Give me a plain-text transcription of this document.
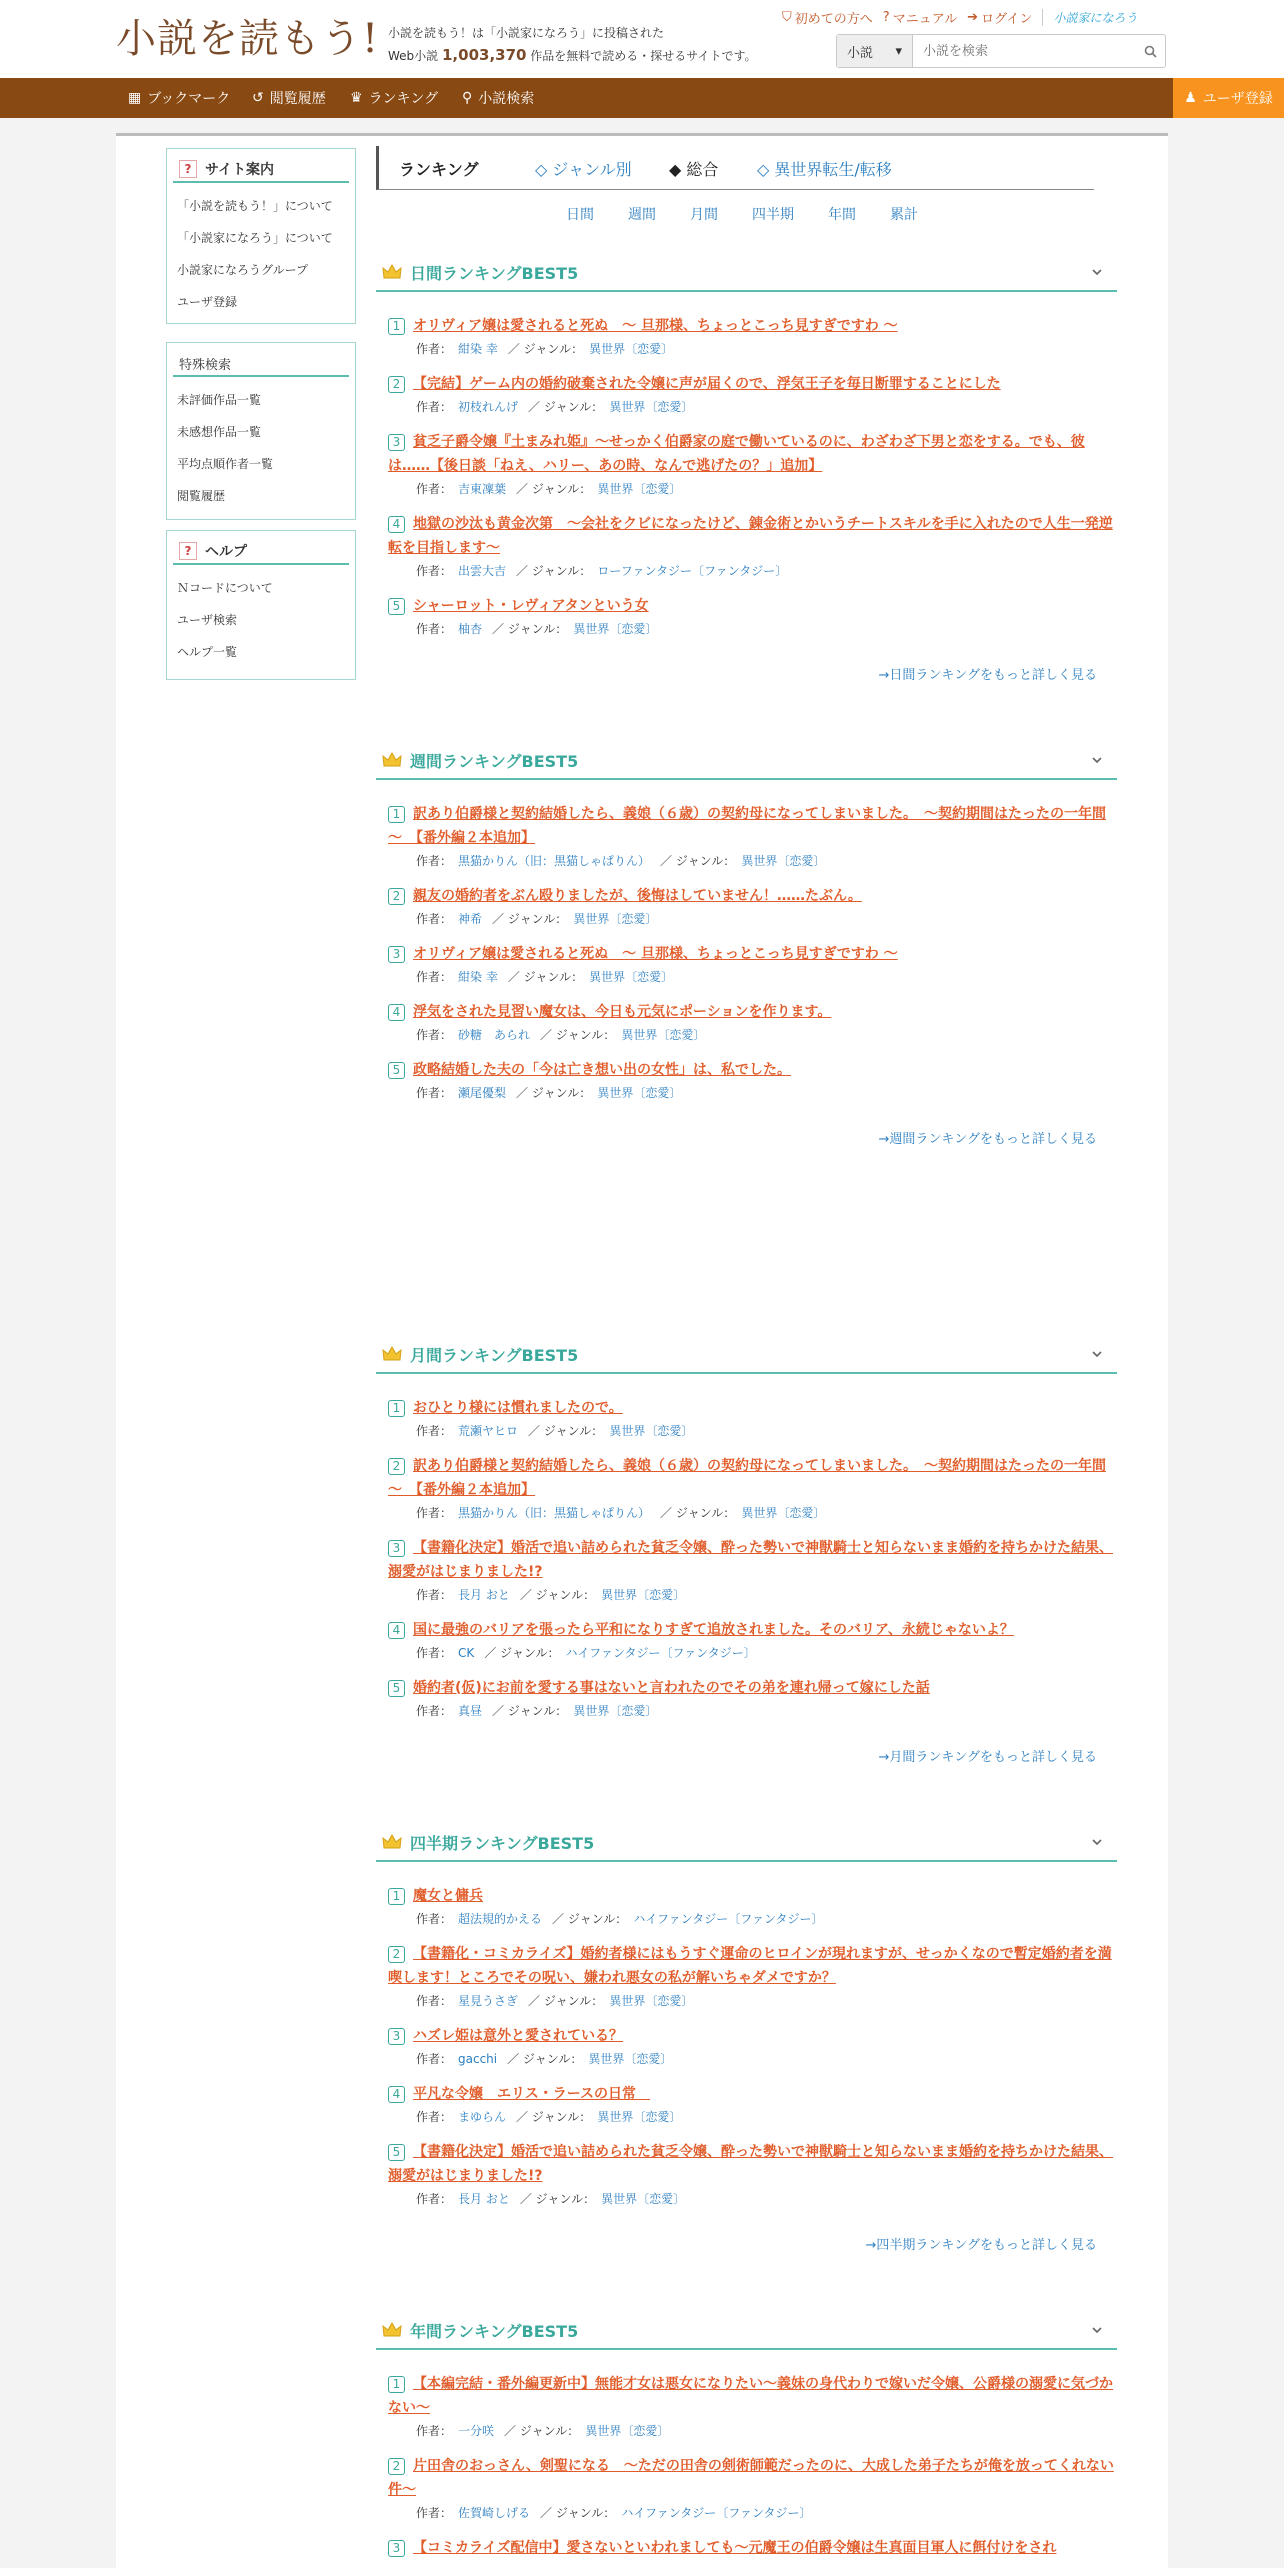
小説を読もう! 小説を読もう！は「小説家になろう」に投稿された
Web小説 1,003,370 作品を無料で読める・探せるサイトです。
⛉ 初めての方へ ? マニュアル ➔ ログイン	小説家になろう
小説 ▾
小説を検索
▦ ブックマーク ↺ 閲覧履歴 ♛ ランキング ⚲ 小説検索	♟ ユーザ登録
? サイト案内
「小説を読もう！」について
「小説家になろう」について
小説家になろうグループ
ユーザ登録
特殊検索
未評価作品一覧
未感想作品一覧
平均点順作者一覧
閲覧履歴
? ヘルプ
Ｎコードについて
ユーザ検索
ヘルプ一覧
ランキング	◇ ジャンル別 ◆ 総合 ◇ 異世界転生/転移
日間 週間 月間 四半期 年間 累計
日間ランキングBEST5
1 オリヴィア嬢は愛されると死ぬ　～ 旦那様、ちょっとこっち見すぎですわ ～
作者： 紺染 幸 ／ ジャンル： 異世界〔恋愛〕
2 【完結】ゲーム内の婚約破棄された令嬢に声が届くので、浮気王子を毎日断罪することにした
作者： 初枝れんげ ／ ジャンル： 異世界〔恋愛〕
3 貧乏子爵令嬢『土まみれ姫』～せっかく伯爵家の庭で働いているのに、わざわざ下男と恋をする。でも、彼は……【後日談「ねえ、ハリー、あの時、なんで逃げたの？」追加】
作者： 吉東凜葉 ／ ジャンル： 異世界〔恋愛〕
4 地獄の沙汰も黄金次第　～会社をクビになったけど、錬金術とかいうチートスキルを手に入れたので人生一発逆転を目指します～
作者： 出雲大吉 ／ ジャンル： ローファンタジー〔ファンタジー〕
5 シャーロット・レヴィアタンという女
作者： 柚杏 ／ ジャンル： 異世界〔恋愛〕
→日間ランキングをもっと詳しく見る
週間ランキングBEST5
1 訳あり伯爵様と契約結婚したら、義娘（６歳）の契約母になってしまいました。　～契約期間はたったの一年間～　【番外編２本追加】
作者： 黒猫かりん（旧：黒猫しゃぱりん） ／ ジャンル： 異世界〔恋愛〕
2 親友の婚約者をぶん殴りましたが、後悔はしていません！……たぶん。
作者： 神希 ／ ジャンル： 異世界〔恋愛〕
3 オリヴィア嬢は愛されると死ぬ　～ 旦那様、ちょっとこっち見すぎですわ ～
作者： 紺染 幸 ／ ジャンル： 異世界〔恋愛〕
4 浮気をされた見習い魔女は、今日も元気にポーションを作ります。
作者： 砂糖　あられ ／ ジャンル： 異世界〔恋愛〕
5 政略結婚した夫の「今は亡き想い出の女性」は、私でした。
作者： 瀬尾優梨 ／ ジャンル： 異世界〔恋愛〕
→週間ランキングをもっと詳しく見る
月間ランキングBEST5
1 おひとり様には慣れましたので。
作者： 荒瀬ヤヒロ ／ ジャンル： 異世界〔恋愛〕
2 訳あり伯爵様と契約結婚したら、義娘（６歳）の契約母になってしまいました。　～契約期間はたったの一年間～　【番外編２本追加】
作者： 黒猫かりん（旧：黒猫しゃぱりん） ／ ジャンル： 異世界〔恋愛〕
3 【書籍化決定】婚活で追い詰められた貧乏令嬢、酔った勢いで神獣騎士と知らないまま婚約を持ちかけた結果、溺愛がはじまりました!?
作者： 長月 おと ／ ジャンル： 異世界〔恋愛〕
4 国に最強のバリアを張ったら平和になりすぎて追放されました。そのバリア、永続じゃないよ？
作者： CK ／ ジャンル： ハイファンタジー〔ファンタジー〕
5 婚約者(仮)にお前を愛する事はないと言われたのでその弟を連れ帰って嫁にした話
作者： 真昼 ／ ジャンル： 異世界〔恋愛〕
→月間ランキングをもっと詳しく見る
四半期ランキングBEST5
1 魔女と傭兵
作者： 超法規的かえる ／ ジャンル： ハイファンタジー〔ファンタジー〕
2 【書籍化・コミカライズ】婚約者様にはもうすぐ運命のヒロインが現れますが、せっかくなので暫定婚約者を満喫します！ところでその呪い、嫌われ悪女の私が解いちゃダメですか？
作者： 星見うさぎ ／ ジャンル： 異世界〔恋愛〕
3 ハズレ姫は意外と愛されている？
作者： gacchi ／ ジャンル： 異世界〔恋愛〕
4 平凡な令嬢　エリス・ラースの日常　
作者： まゆらん ／ ジャンル： 異世界〔恋愛〕
5 【書籍化決定】婚活で追い詰められた貧乏令嬢、酔った勢いで神獣騎士と知らないまま婚約を持ちかけた結果、溺愛がはじまりました!?
作者： 長月 おと ／ ジャンル： 異世界〔恋愛〕
→四半期ランキングをもっと詳しく見る
年間ランキングBEST5
1 【本編完結・番外編更新中】無能才女は悪女になりたい～義妹の身代わりで嫁いだ令嬢、公爵様の溺愛に気づかない～
作者： 一分咲 ／ ジャンル： 異世界〔恋愛〕
2 片田舎のおっさん、剣聖になる　～ただの田舎の剣術師範だったのに、大成した弟子たちが俺を放ってくれない件～
作者： 佐賀崎しげる ／ ジャンル： ハイファンタジー〔ファンタジー〕
3 【コミカライズ配信中】愛さないといわれましても～元魔王の伯爵令嬢は生真面目軍人に餌付けをされ
